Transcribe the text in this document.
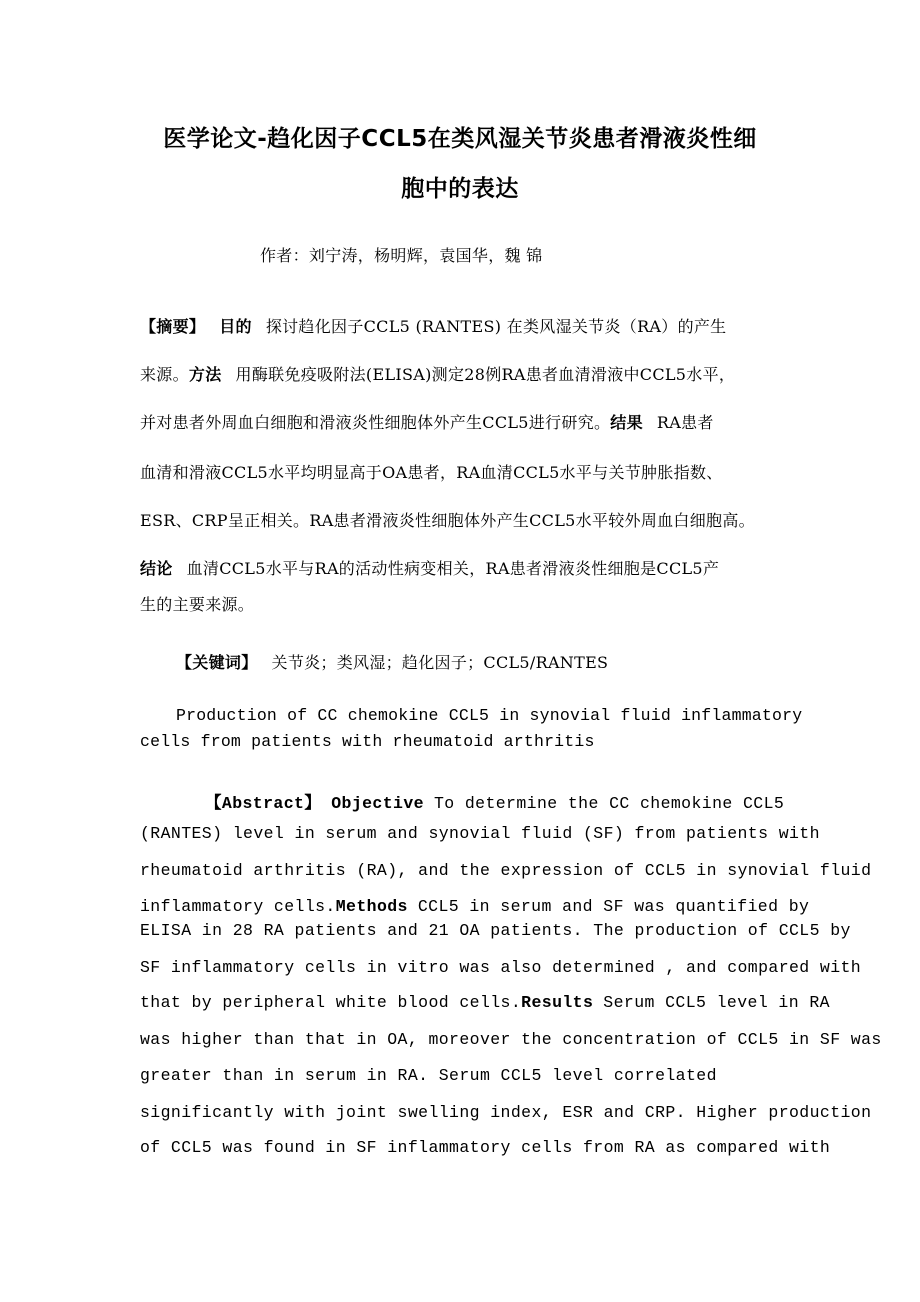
医学论文-趋化因子CCL5在类风湿关节炎患者滑液炎性细
胞中的表达
作者：刘宁涛，杨明辉，袁国华，魏 锦
【摘要】 目的 探讨趋化因子CCL5 (RANTES) 在类风湿关节炎（RA）的产生
来源。方法 用酶联免疫吸附法(ELISA)测定28例RA患者血清滑液中CCL5水平，
并对患者外周血白细胞和滑液炎性细胞体外产生CCL5进行研究。结果 RA患者
血清和滑液CCL5水平均明显高于OA患者，RA血清CCL5水平与关节肿胀指数、
ESR、CRP呈正相关。RA患者滑液炎性细胞体外产生CCL5水平较外周血白细胞高。
结论 血清CCL5水平与RA的活动性病变相关，RA患者滑液炎性细胞是CCL5产
生的主要来源。
【关键词】 关节炎；类风湿；趋化因子；CCL5/RANTES
Production of CC chemokine CCL5 in synovial fluid inflammatory
cells from patients with rheumatoid arthritis
【Abstract】 Objective To determine the CC chemokine CCL5
(RANTES) level in serum and synovial fluid (SF) from patients with
rheumatoid arthritis (RA), and the expression of CCL5 in synovial fluid
inflammatory cells.Methods CCL5 in serum and SF was quantified by
ELISA in 28 RA patients and 21 OA patients. The production of CCL5 by
SF inflammatory cells in vitro was also determined , and compared with
that by peripheral white blood cells.Results Serum CCL5 level in RA
was higher than that in OA, moreover the concentration of CCL5 in SF was
greater than in serum in RA. Serum CCL5 level correlated
significantly with joint swelling index, ESR and CRP. Higher production
of CCL5 was found in SF inflammatory cells from RA as compared with
